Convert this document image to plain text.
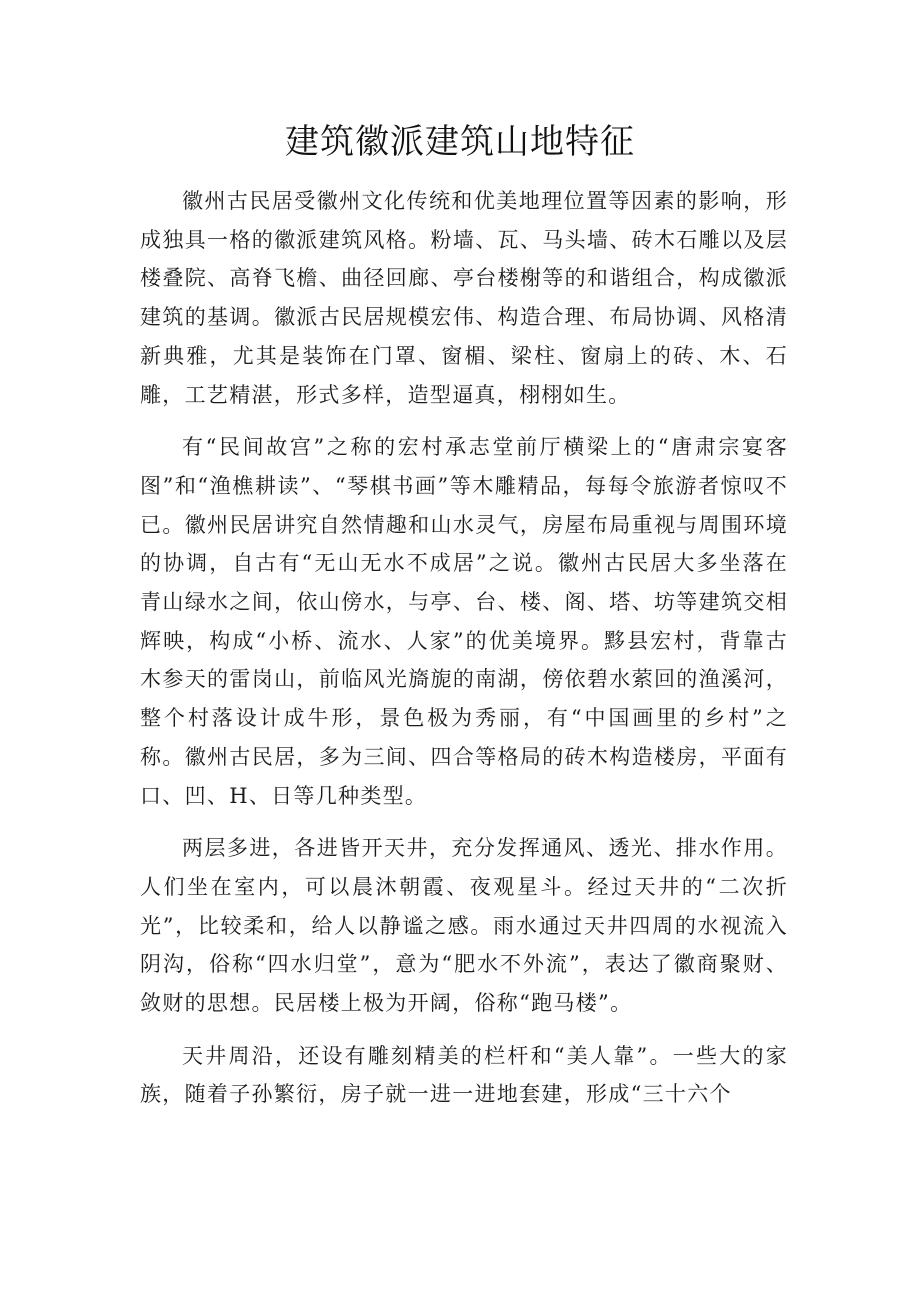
建筑徽派建筑山地特征

徽州古民居受徽州文化传统和优美地理位置等因素的影响，形成独具一格的徽派建筑风格。粉墙、瓦、马头墙、砖木石雕以及层楼叠院、高脊飞檐、曲径回廊、亭台楼榭等的和谐组合，构成徽派建筑的基调。徽派古民居规模宏伟、构造合理、布局协调、风格清新典雅，尤其是装饰在门罩、窗楣、梁柱、窗扇上的砖、木、石雕，工艺精湛，形式多样，造型逼真，栩栩如生。

有“民间故宫”之称的宏村承志堂前厅横梁上的“唐肃宗宴客图”和“渔樵耕读”、“琴棋书画”等木雕精品，每每令旅游者惊叹不已。徽州民居讲究自然情趣和山水灵气，房屋布局重视与周围环境的协调，自古有“无山无水不成居”之说。徽州古民居大多坐落在青山绿水之间，依山傍水，与亭、台、楼、阁、塔、坊等建筑交相辉映，构成“小桥、流水、人家”的优美境界。黟县宏村，背靠古木参天的雷岗山，前临风光旖旎的南湖，傍依碧水萦回的渔溪河，整个村落设计成牛形，景色极为秀丽，有“中国画里的乡村”之称。徽州古民居，多为三间、四合等格局的砖木构造楼房，平面有口、凹、H、日等几种类型。

两层多进，各进皆开天井，充分发挥通风、透光、排水作用。人们坐在室内，可以晨沐朝霞、夜观星斗。经过天井的“二次折光”，比较柔和，给人以静谧之感。雨水通过天井四周的水视流入阴沟，俗称“四水归堂”，意为“肥水不外流”，表达了徽商聚财、敛财的思想。民居楼上极为开阔，俗称“跑马楼”。

天井周沿，还设有雕刻精美的栏杆和“美人靠”。一些大的家族，随着子孙繁衍，房子就一进一进地套建，形成“三十六个
